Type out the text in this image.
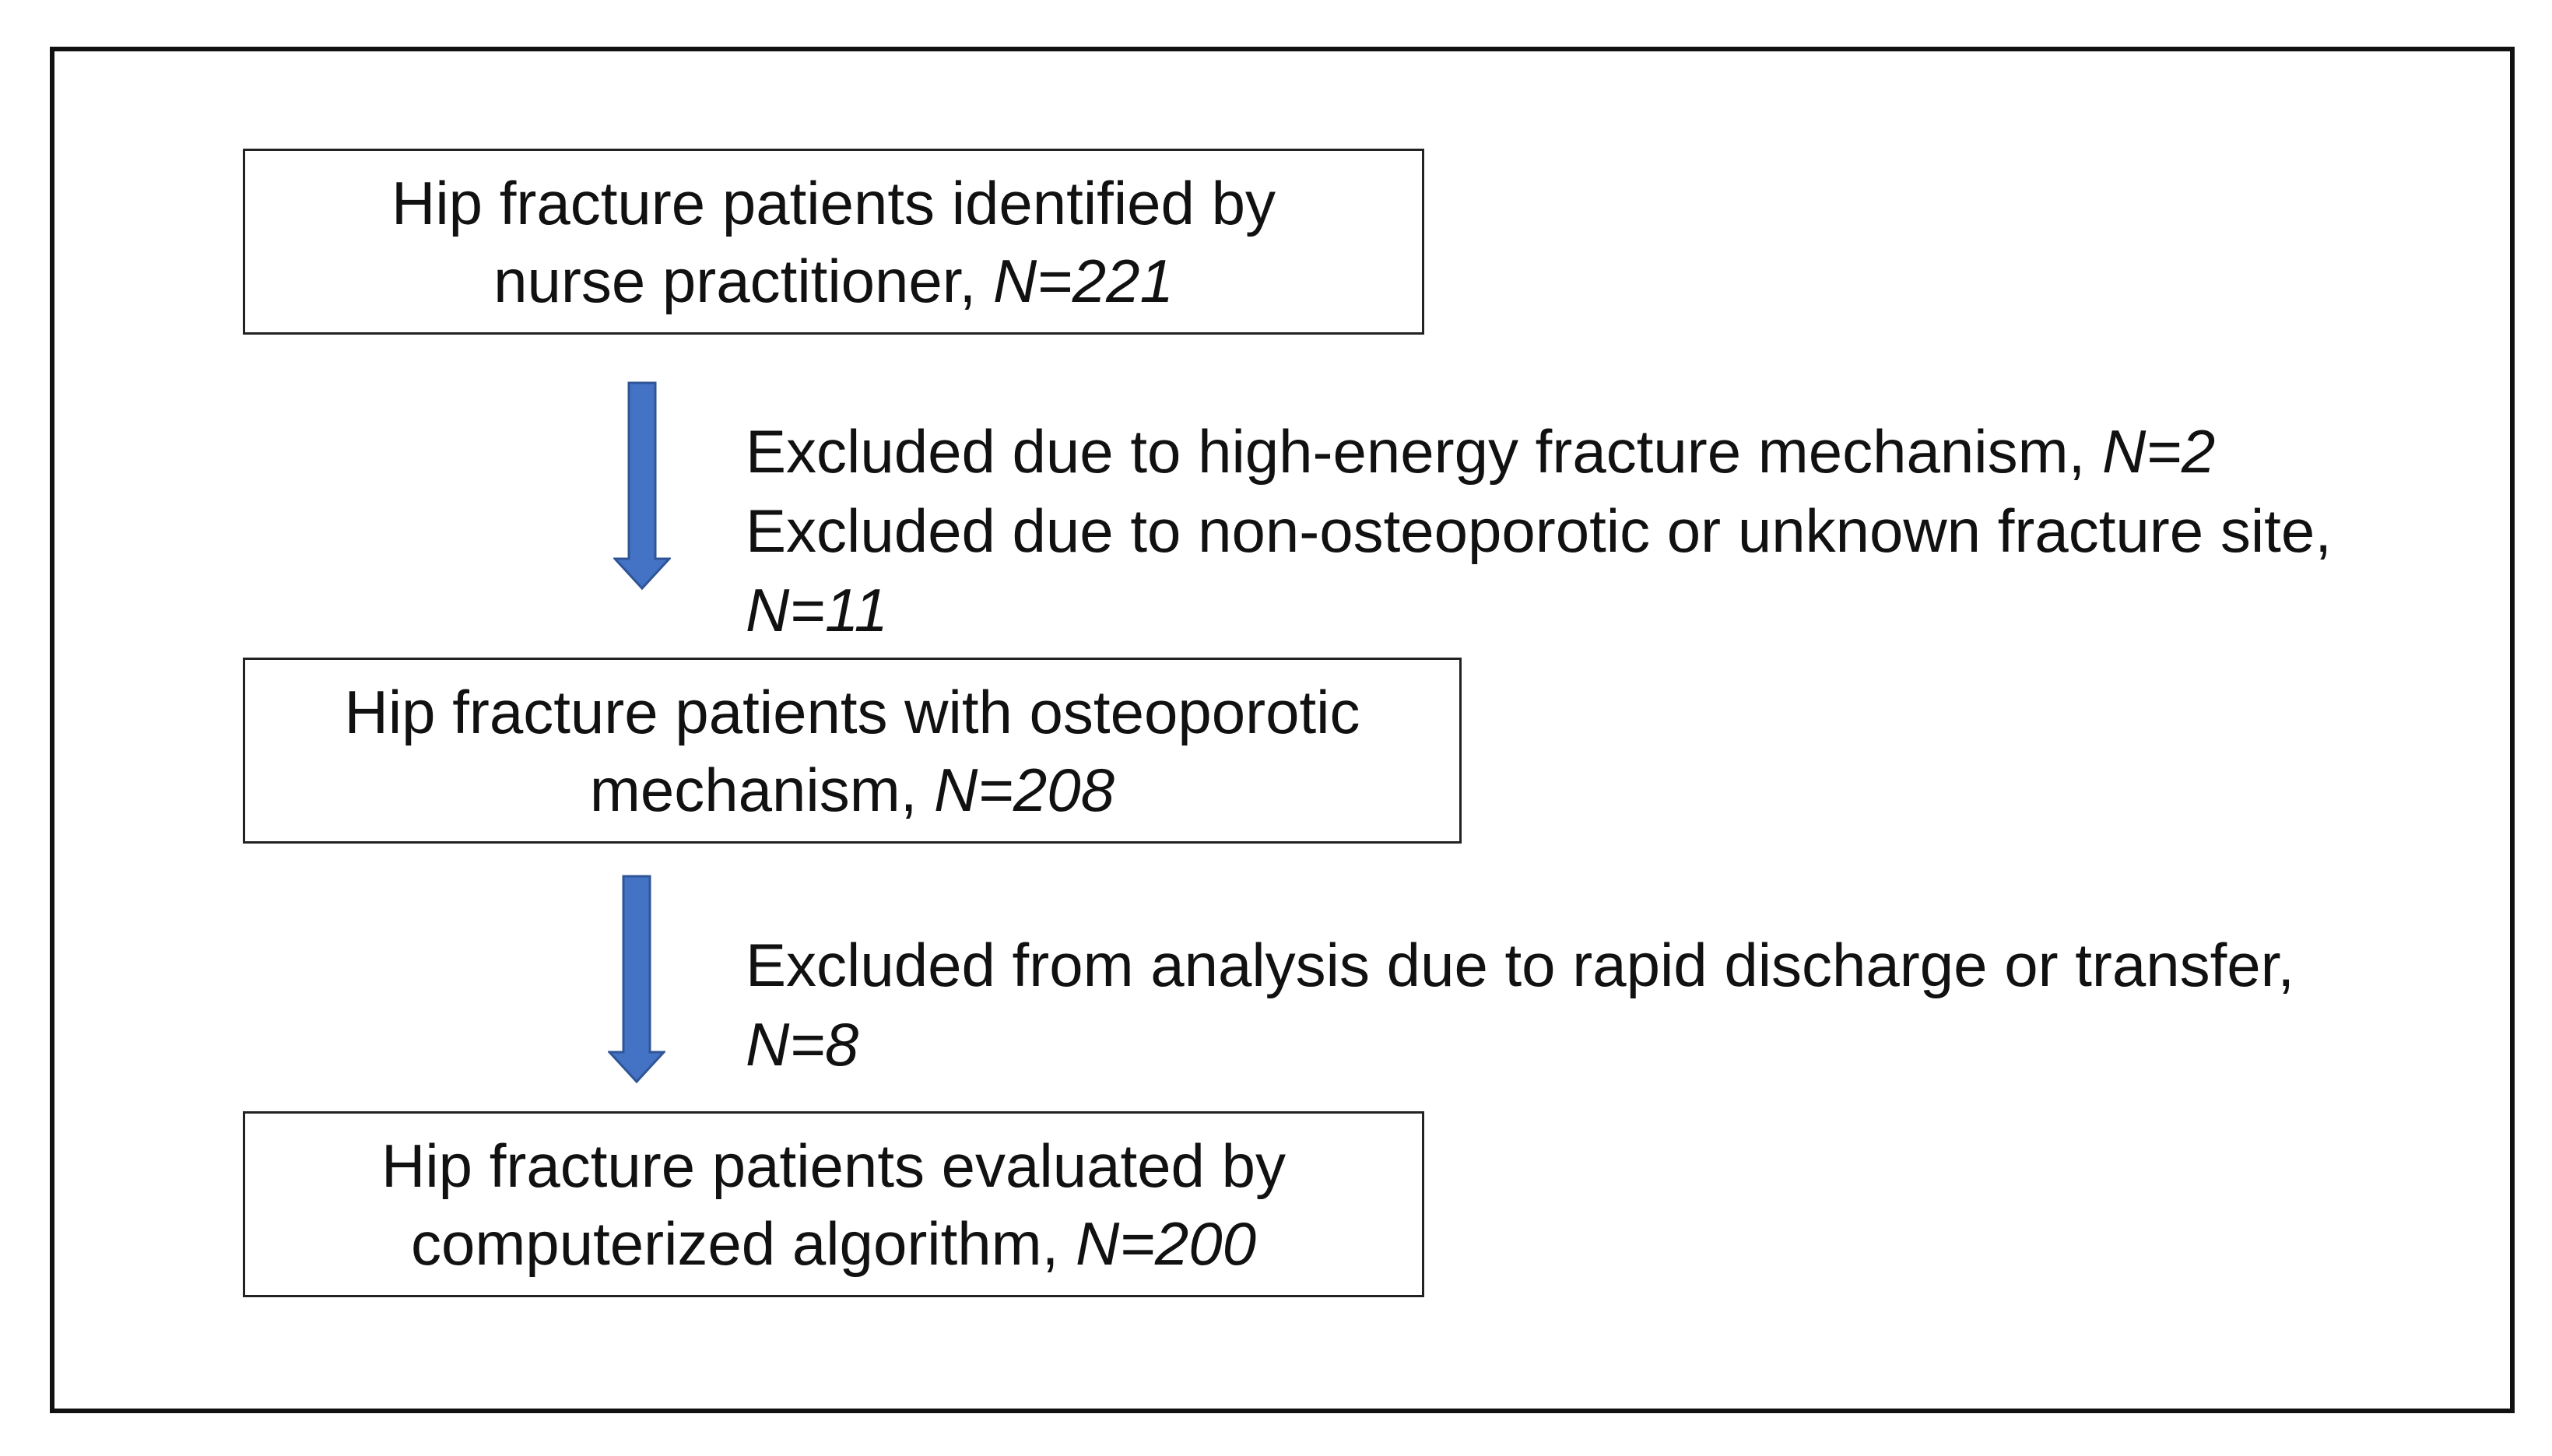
Hip fracture patients identified by
nurse practitioner, N=221
Excluded due to high-energy fracture mechanism, N=2
Excluded due to non-osteoporotic or unknown fracture site,
N=11
Hip fracture patients with osteoporotic
mechanism, N=208
Excluded from analysis due to rapid discharge or transfer,
N=8
Hip fracture patients evaluated by
computerized algorithm, N=200
